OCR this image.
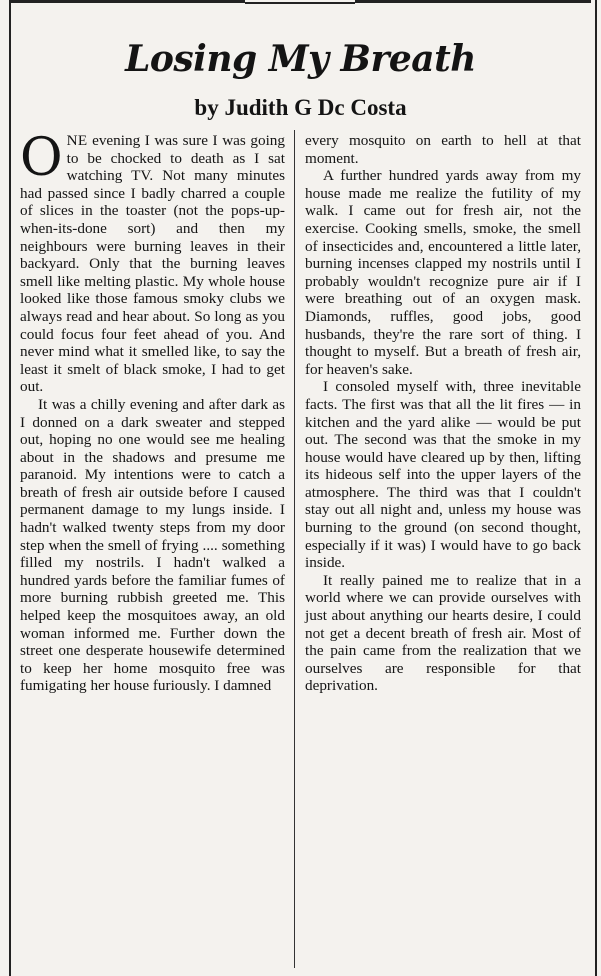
Losing My Breath
by Judith G Dc Costa

ONE evening I was sure I was going to be chocked to death as I sat watching TV. Not many minutes had passed since I badly charred a couple of slices in the toaster (not the pops-up-when-its-done sort) and then my neighbours were burning leaves in their backyard. Only that the burning leaves smell like melting plastic. My whole house looked like those famous smoky clubs we always read and hear about. So long as you could focus four feet ahead of you. And never mind what it smelled like, to say the least it smelt of black smoke, I had to get out.

It was a chilly evening and after dark as I donned on a dark sweater and stepped out, hoping no one would see me healing about in the shadows and presume me paranoid. My intentions were to catch a breath of fresh air outside before I caused permanent damage to my lungs inside. I hadn't walked twenty steps from my door step when the smell of frying .... something filled my nostrils. I hadn't walked a hundred yards before the familiar fumes of more burning rubbish greeted me. This helped keep the mosquitoes away, an old woman informed me. Further down the street one desperate housewife determined to keep her home mosquito free was fumigating her house furiously. I damned

every mosquito on earth to hell at that moment.

A further hundred yards away from my house made me realize the futility of my walk. I came out for fresh air, not the exercise. Cooking smells, smoke, the smell of insecticides and, encountered a little later, burning incenses clapped my nostrils until I probably wouldn't recognize pure air if I were breathing out of an oxygen mask. Diamonds, ruffles, good jobs, good husbands, they're the rare sort of thing. I thought to myself. But a breath of fresh air, for heaven's sake.

I consoled myself with, three inevitable facts. The first was that all the lit fires — in kitchen and the yard alike — would be put out. The second was that the smoke in my house would have cleared up by then, lifting its hideous self into the upper layers of the atmosphere. The third was that I couldn't stay out all night and, unless my house was burning to the ground (on second thought, especially if it was) I would have to go back inside.

It really pained me to realize that in a world where we can provide ourselves with just about anything our hearts desire, I could not get a decent breath of fresh air. Most of the pain came from the realization that we ourselves are responsible for that deprivation.
